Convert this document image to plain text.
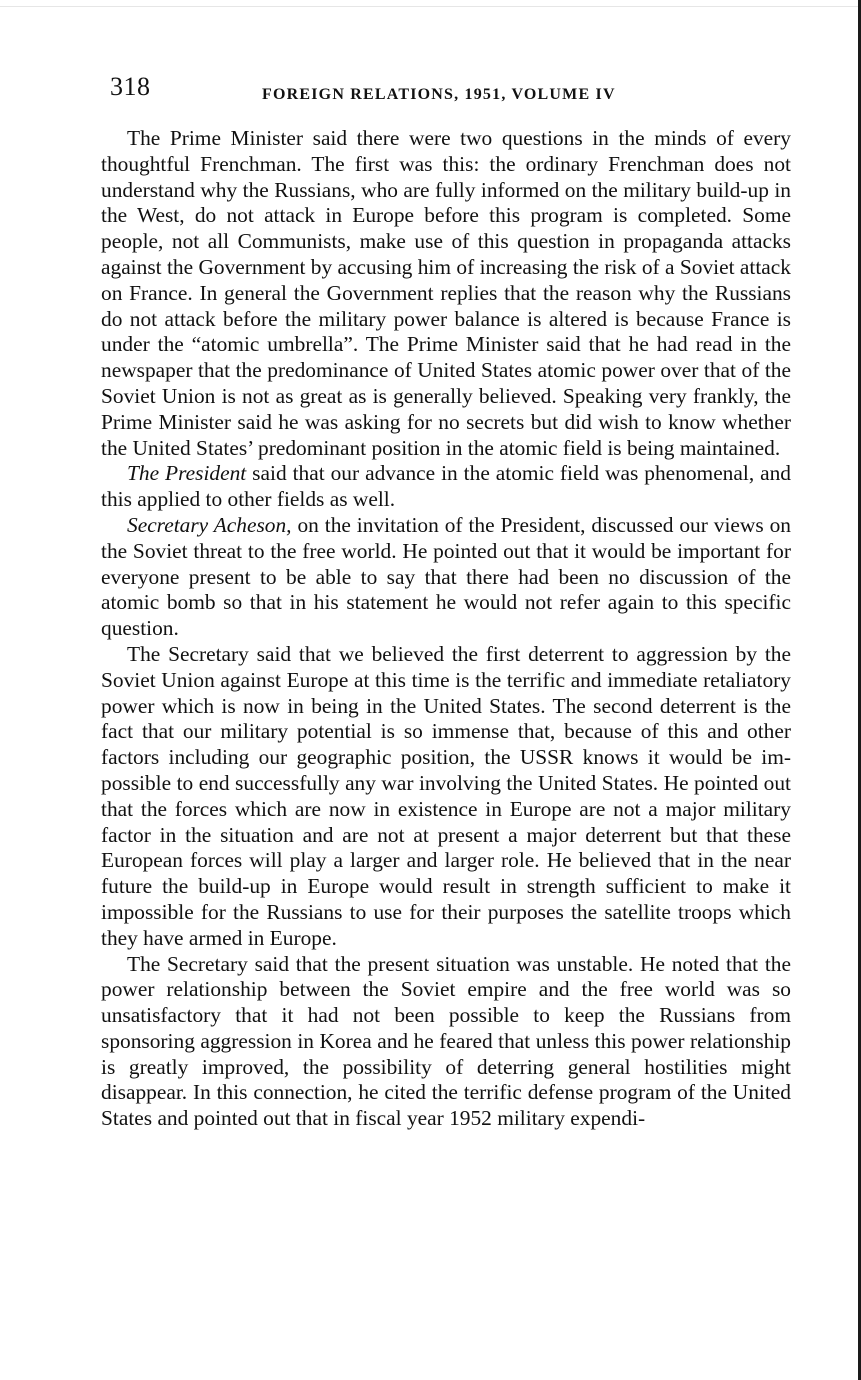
318	FOREIGN RELATIONS, 1951, VOLUME IV

The Prime Minister said there were two questions in the minds of every thoughtful Frenchman. The first was this: the ordinary Frenchman does not understand why the Russians, who are fully informed on the military build-up in the West, do not attack in Europe before this program is completed. Some people, not all Communists, make use of this question in propaganda attacks against the Government by accusing him of increasing the risk of a Soviet attack on France. In general the Government replies that the reason why the Russians do not attack before the military power balance is altered is because France is under the “atomic umbrella”. The Prime Minister said that he had read in the newspaper that the predominance of United States atomic power over that of the Soviet Union is not as great as is generally believed. Speaking very frankly, the Prime Minister said he was asking for no secrets but did wish to know whether the United States’ predominant position in the atomic field is being maintained.

The President said that our advance in the atomic field was phenomenal, and this applied to other fields as well.

Secretary Acheson, on the invitation of the President, discussed our views on the Soviet threat to the free world. He pointed out that it would be important for everyone present to be able to say that there had been no discussion of the atomic bomb so that in his statement he would not refer again to this specific question.

The Secretary said that we believed the first deterrent to aggression by the Soviet Union against Europe at this time is the terrific and immediate retaliatory power which is now in being in the United States. The second deterrent is the fact that our military potential is so immense that, because of this and other factors including our geographic position, the USSR knows it would be impossible to end successfully any war involving the United States. He pointed out that the forces which are now in existence in Europe are not a major military factor in the situation and are not at present a major deterrent but that these European forces will play a larger and larger role. He believed that in the near future the build-up in Europe would result in strength sufficient to make it impossible for the Russians to use for their purposes the satellite troops which they have armed in Europe.

The Secretary said that the present situation was unstable. He noted that the power relationship between the Soviet empire and the free world was so unsatisfactory that it had not been possible to keep the Russians from sponsoring aggression in Korea and he feared that unless this power relationship is greatly improved, the possibility of deterring general hostilities might disappear. In this connection, he cited the terrific defense program of the United States and pointed out that in fiscal year 1952 military expendi-
